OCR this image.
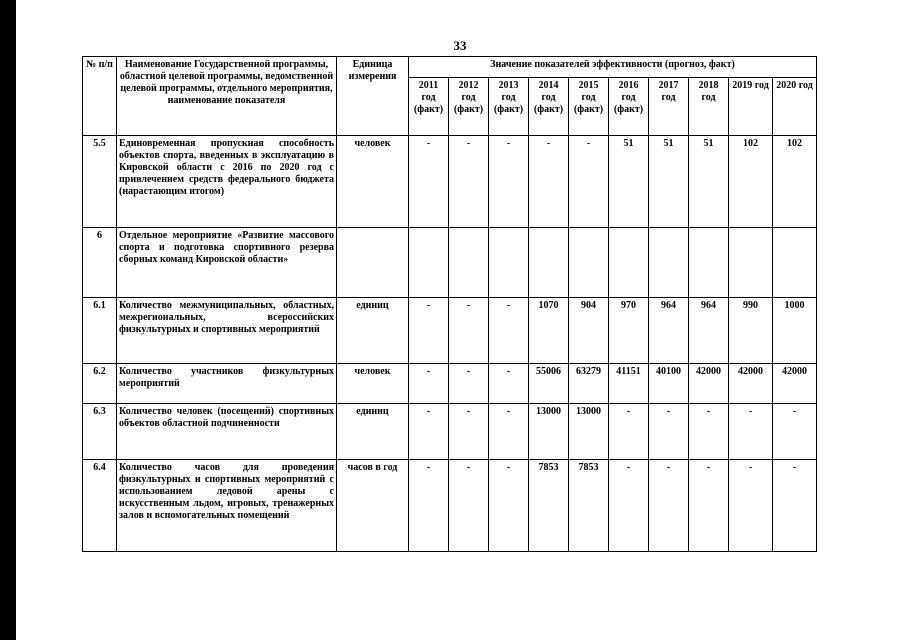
33
№ п/п	Наименование Государственной программы, областной целевой программы, ведомственной целевой программы, отдельного мероприятия, наименование показателя	Единица измерения	Значение показателей эффективности (прогноз, факт)									
			2011 год (факт)	2012 год (факт)	2013 год (факт)	2014 год (факт)	2015 год (факт)	2016 год (факт)	2017 год	2018 год	2019 год	2020 год
5.5	Единовременная пропускная способность объектов спорта, введенных в эксплуатацию в Кировской области с 2016 по 2020 год с привлечением средств федерального бюджета (нарастающим итогом)	человек	-	-	-	-	-	51	51	51	102	102
6	Отдельное мероприятие «Развитие массового спорта и подготовка спортивного резерва сборных команд Кировской области»											
6.1	Количество межмуниципальных, областных, межрегиональных, всероссийских физкультурных и спортивных мероприятий	единиц	-	-	-	1070	904	970	964	964	990	1000
6.2	Количество участников физкультурных мероприятий	человек	-	-	-	55006	63279	41151	40100	42000	42000	42000
6.3	Количество человек (посещений) спортивных объектов областной подчиненности	единиц	-	-	-	13000	13000	-	-	-	-	-
6.4	Количество часов для проведения физкультурных и спортивных мероприятий с использованием ледовой арены с искусственным льдом, игровых, тренажерных залов и вспомогательных помещений	часов в год	-	-	-	7853	7853	-	-	-	-	-
